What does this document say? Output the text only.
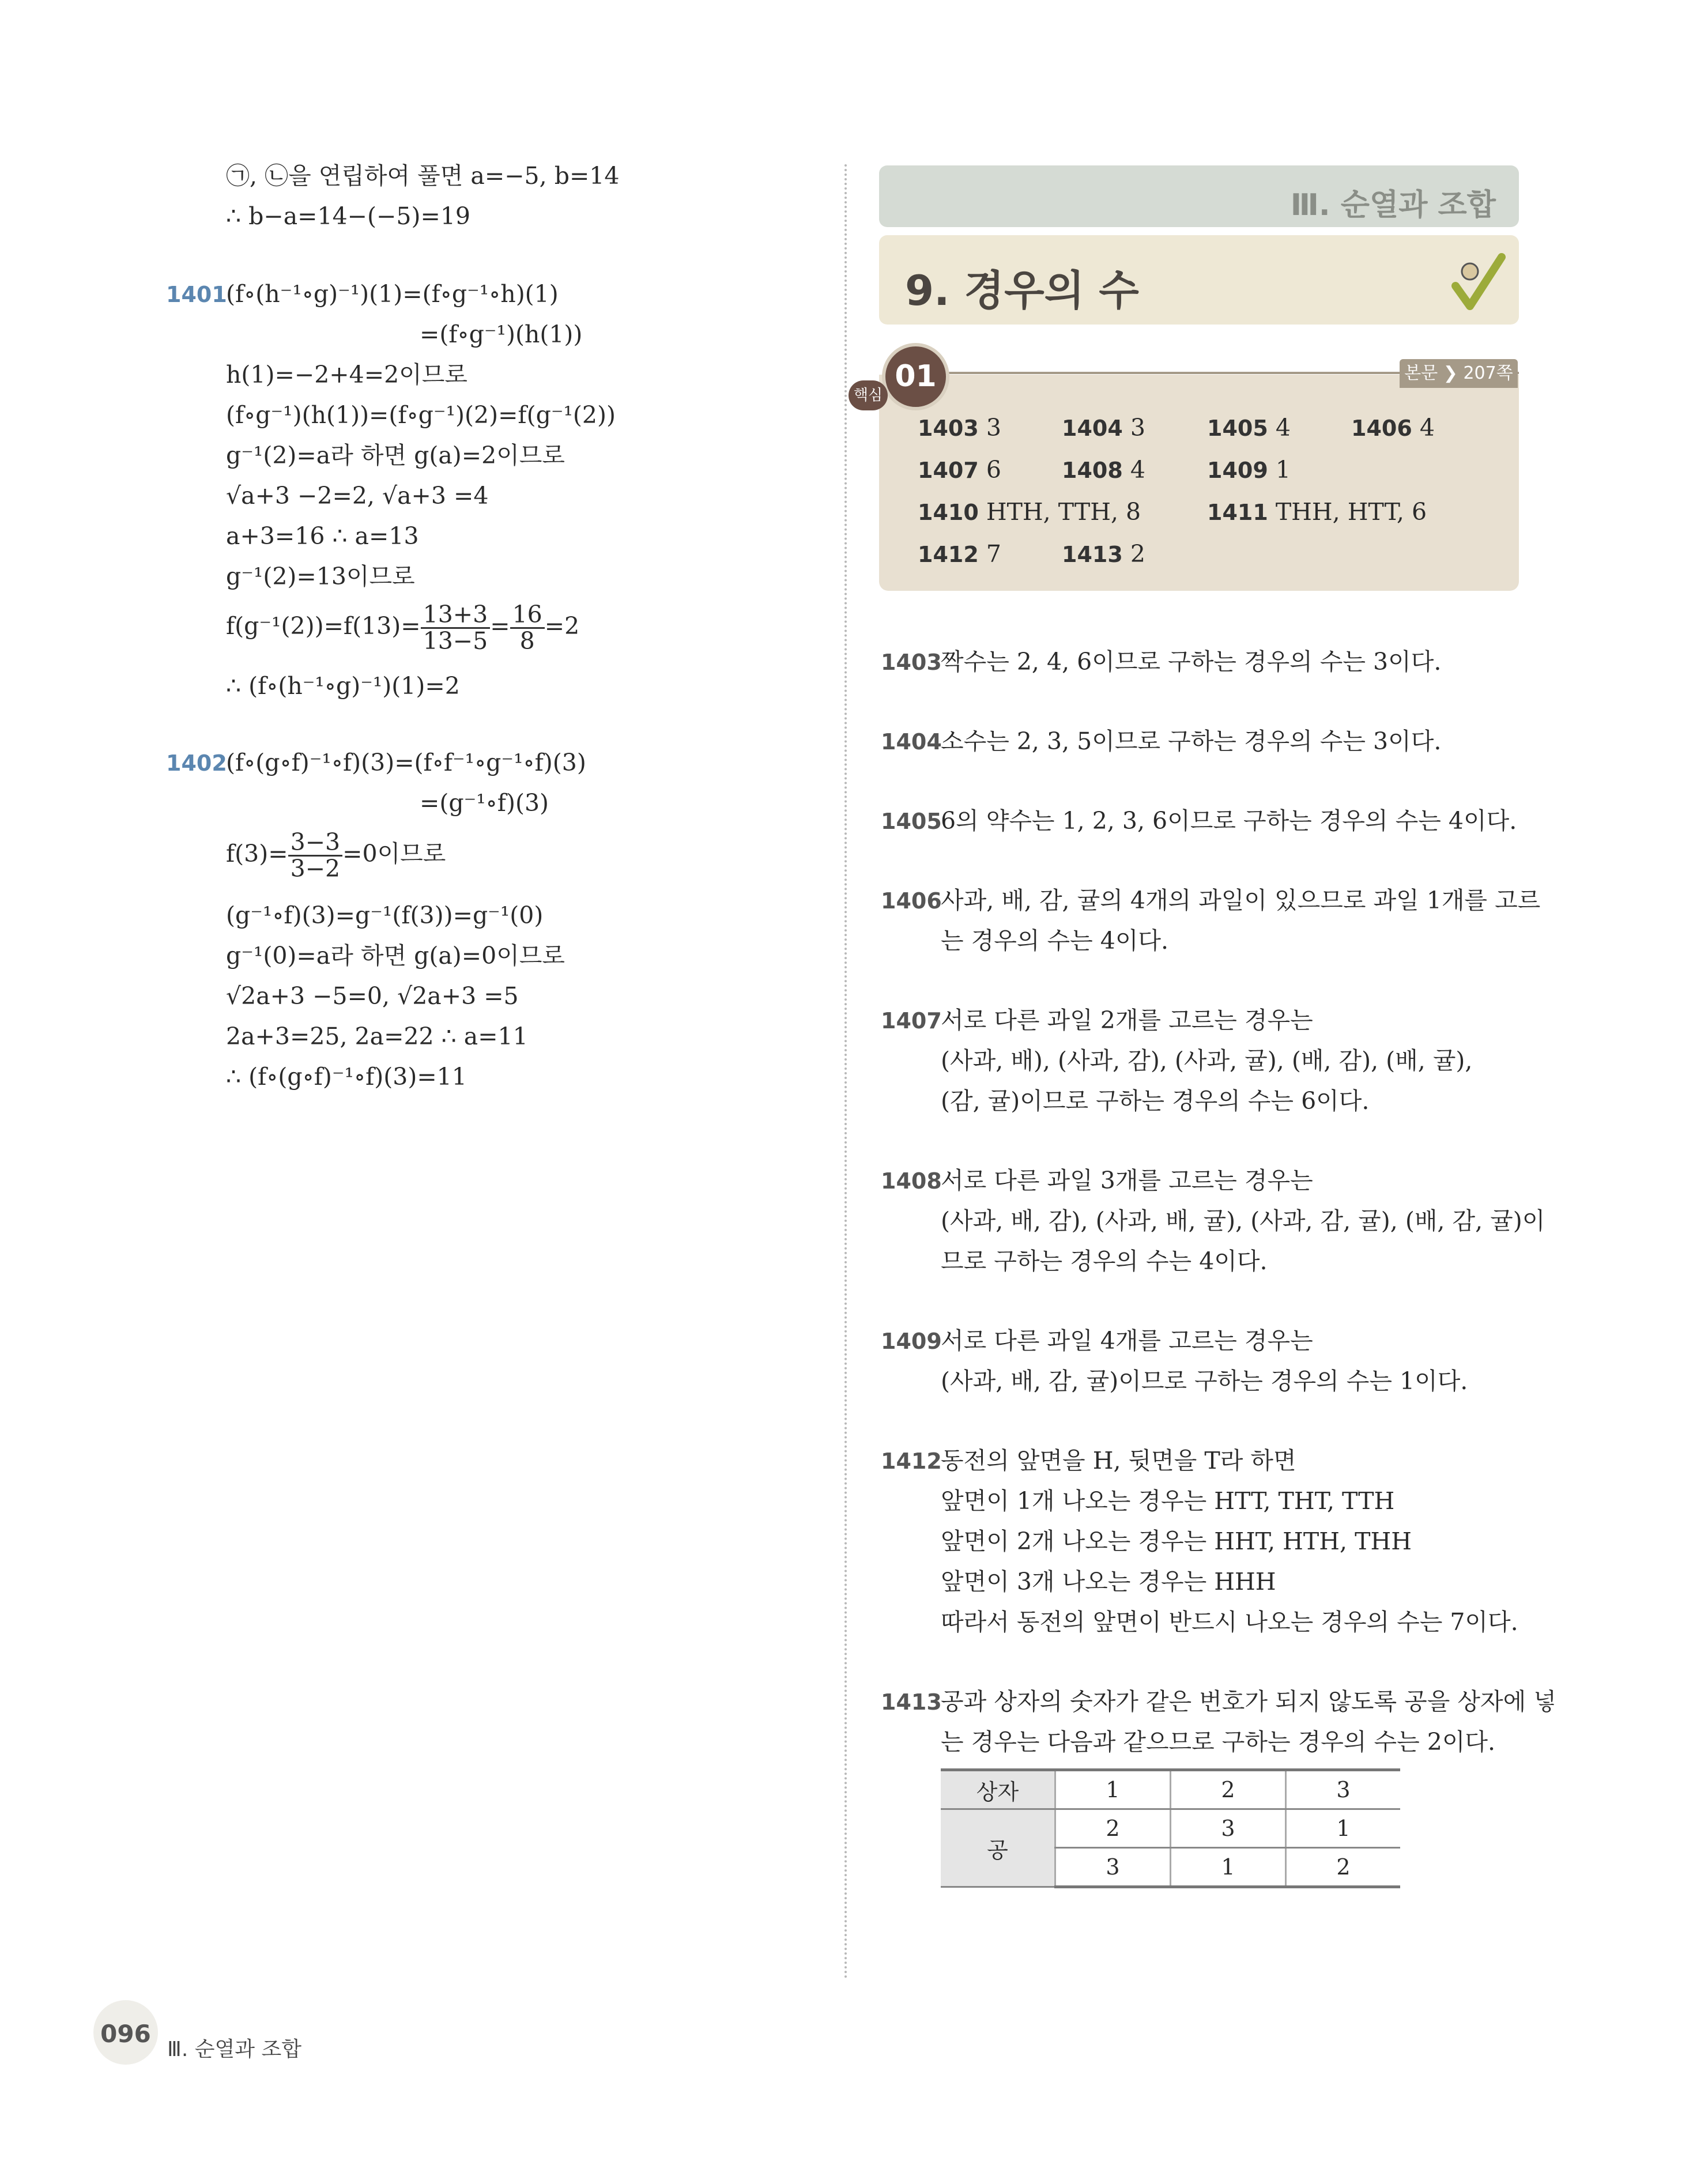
㉠, ㉡을 연립하여 풀면 a=−5, b=14
∴ b−a=14−(−5)=19
1401
(f∘(h⁻¹∘g)⁻¹)(1)=(f∘g⁻¹∘h)(1)
=(f∘g⁻¹)(h(1))
h(1)=−2+4=2이므로
(f∘g⁻¹)(h(1))=(f∘g⁻¹)(2)=f(g⁻¹(2))
g⁻¹(2)=a라 하면 g(a)=2이므로
√a+3 −2=2, √a+3 =4
a+3=16 ∴ a=13
g⁻¹(2)=13이므로
$f(g^{-1}(2))=f(13)= \frac{13+3}{13-5} = \frac{16}{8} =2$
∴ (f∘(h⁻¹∘g)⁻¹)(1)=2
1402
(f∘(g∘f)⁻¹∘f)(3)=(f∘f⁻¹∘g⁻¹∘f)(3)
=(g⁻¹∘f)(3)
$f(3)= \frac{3-3}{3-2} =0$이므로
(g⁻¹∘f)(3)=g⁻¹(f(3))=g⁻¹(0)
g⁻¹(0)=a라 하면 g(a)=0이므로
√2a+3 −5=0, √2a+3 =5
2a+3=25, 2a=22 ∴ a=11
∴ (f∘(g∘f)⁻¹∘f)(3)=11
Ⅲ. 순열과 조합
9. 경우의 수
본문 ❯ 207쪽
01
핵심
1403 3	1404 3	1405 4	1406 4
1407 6	1408 4	1409 1
1410 HTH, TTH, 8	1411 THH, HTT, 6
1412 7	1413 2
1403
짝수는 2, 4, 6이므로 구하는 경우의 수는 3이다.
1404
소수는 2, 3, 5이므로 구하는 경우의 수는 3이다.
1405
6의 약수는 1, 2, 3, 6이므로 구하는 경우의 수는 4이다.
1406
사과, 배, 감, 귤의 4개의 과일이 있으므로 과일 1개를 고르
는 경우의 수는 4이다.
1407
서로 다른 과일 2개를 고르는 경우는
(사과, 배), (사과, 감), (사과, 귤), (배, 감), (배, 귤),
(감, 귤)이므로 구하는 경우의 수는 6이다.
1408
서로 다른 과일 3개를 고르는 경우는
(사과, 배, 감), (사과, 배, 귤), (사과, 감, 귤), (배, 감, 귤)이
므로 구하는 경우의 수는 4이다.
1409
서로 다른 과일 4개를 고르는 경우는
(사과, 배, 감, 귤)이므로 구하는 경우의 수는 1이다.
1412
동전의 앞면을 H, 뒷면을 T라 하면
앞면이 1개 나오는 경우는 HTT, THT, TTH
앞면이 2개 나오는 경우는 HHT, HTH, THH
앞면이 3개 나오는 경우는 HHH
따라서 동전의 앞면이 반드시 나오는 경우의 수는 7이다.
1413
공과 상자의 숫자가 같은 번호가 되지 않도록 공을 상자에 넣
는 경우는 다음과 같으므로 구하는 경우의 수는 2이다.
상자	1	2	3
공	2	3	1
	3	1	2
096
Ⅲ. 순열과 조합
